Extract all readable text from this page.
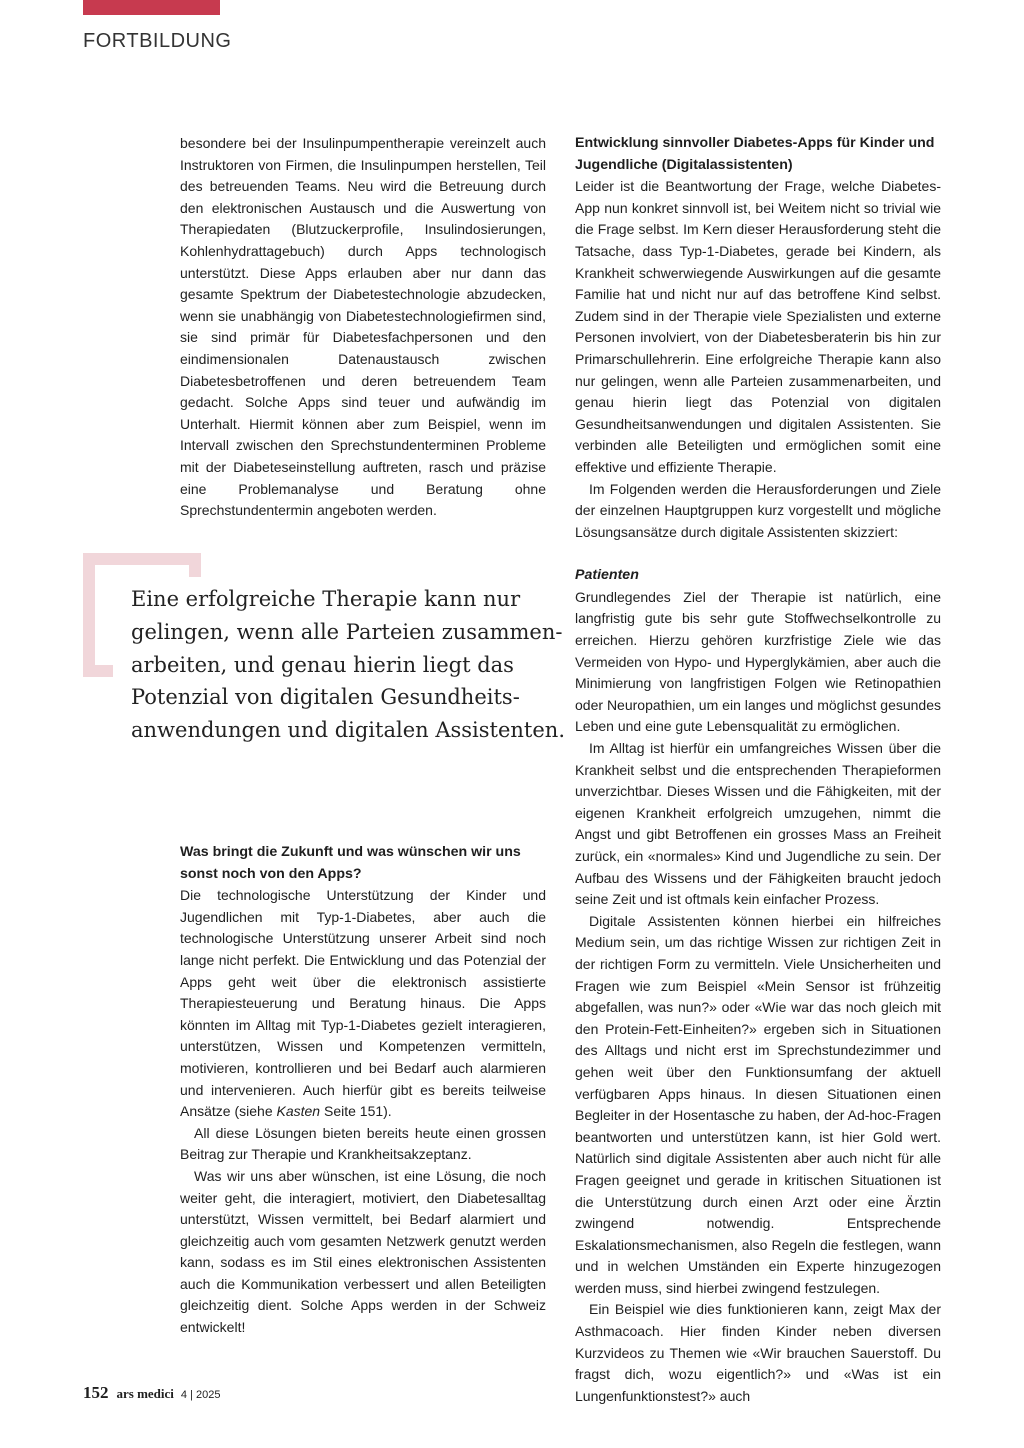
FORTBILDUNG

besondere bei der Insulinpumpentherapie vereinzelt auch Instruktoren von Firmen, die Insulinpumpen herstellen, Teil des betreuenden Teams. Neu wird die Betreuung durch den elektronischen Austausch und die Auswertung von Therapiedaten (Blutzuckerprofile, Insulindosierungen, Kohlenhydrattagebuch) durch Apps technologisch unterstützt. Diese Apps erlauben aber nur dann das gesamte Spektrum der Diabetestechnologie abzudecken, wenn sie unabhängig von Diabetestechnologiefirmen sind, sie sind primär für Diabetesfachpersonen und den eindimensionalen Datenaustausch zwischen Diabetesbetroffenen und deren betreuendem Team gedacht. Solche Apps sind teuer und aufwändig im Unterhalt. Hiermit können aber zum Beispiel, wenn im Intervall zwischen den Sprechstundenterminen Probleme mit der Diabeteseinstellung auftreten, rasch und präzise eine Problemanalyse und Beratung ohne Sprechstundentermin angeboten werden.

Eine erfolgreiche Therapie kann nur
gelingen, wenn alle Parteien zusammen-
arbeiten, und genau hierin liegt das
Potenzial von digitalen Gesundheits-
anwendungen und digitalen Assistenten.
Was bringt die Zukunft und was wünschen wir uns sonst noch von den Apps?

Die technologische Unterstützung der Kinder und Jugendlichen mit Typ-1-Diabetes, aber auch die technologische Unterstützung unserer Arbeit sind noch lange nicht perfekt. Die Entwicklung und das Potenzial der Apps geht weit über die elektronisch assistierte Therapiesteuerung und Beratung hinaus. Die Apps könnten im Alltag mit Typ-1-Diabetes gezielt interagieren, unterstützen, Wissen und Kompetenzen vermitteln, motivieren, kontrollieren und bei Bedarf auch alarmieren und intervenieren. Auch hierfür gibt es bereits teilweise Ansätze (siehe Kasten Seite 151).

All diese Lösungen bieten bereits heute einen grossen Beitrag zur Therapie und Krankheitsakzeptanz.

Was wir uns aber wünschen, ist eine Lösung, die noch weiter geht, die interagiert, motiviert, den Diabetesalltag unterstützt, Wissen vermittelt, bei Bedarf alarmiert und gleichzeitig auch vom gesamten Netzwerk genutzt werden kann, sodass es im Stil eines elektronischen Assistenten auch die Kommunikation verbessert und allen Beteiligten gleichzeitig dient. Solche Apps werden in der Schweiz entwickelt!

Entwicklung sinnvoller Diabetes-Apps für Kinder und Jugendliche (Digitalassistenten)

Leider ist die Beantwortung der Frage, welche Diabetes-App nun konkret sinnvoll ist, bei Weitem nicht so trivial wie die Frage selbst. Im Kern dieser Herausforderung steht die Tatsache, dass Typ-1-Diabetes, gerade bei Kindern, als Krankheit schwerwiegende Auswirkungen auf die gesamte Familie hat und nicht nur auf das betroffene Kind selbst. Zudem sind in der Therapie viele Spezialisten und externe Personen involviert, von der Diabetesberaterin bis hin zur Primarschullehrerin. Eine erfolgreiche Therapie kann also nur gelingen, wenn alle Parteien zusammenarbeiten, und genau hierin liegt das Potenzial von digitalen Gesundheitsanwendungen und digitalen Assistenten. Sie verbinden alle Beteiligten und ermöglichen somit eine effektive und effiziente Therapie.

Im Folgenden werden die Herausforderungen und Ziele der einzelnen Hauptgruppen kurz vorgestellt und mögliche Lösungsansätze durch digitale Assistenten skizziert:

Patienten

Grundlegendes Ziel der Therapie ist natürlich, eine langfristig gute bis sehr gute Stoffwechselkontrolle zu erreichen. Hierzu gehören kurzfristige Ziele wie das Vermeiden von Hypo- und Hyperglykämien, aber auch die Minimierung von langfristigen Folgen wie Retinopathien oder Neuropathien, um ein langes und möglichst gesundes Leben und eine gute Lebensqualität zu ermöglichen.

Im Alltag ist hierfür ein umfangreiches Wissen über die Krankheit selbst und die entsprechenden Therapieformen unverzichtbar. Dieses Wissen und die Fähigkeiten, mit der eigenen Krankheit erfolgreich umzugehen, nimmt die Angst und gibt Betroffenen ein grosses Mass an Freiheit zurück, ein «normales» Kind und Jugendliche zu sein. Der Aufbau des Wissens und der Fähigkeiten braucht jedoch seine Zeit und ist oftmals kein einfacher Prozess.

Digitale Assistenten können hierbei ein hilfreiches Medium sein, um das richtige Wissen zur richtigen Zeit in der richtigen Form zu vermitteln. Viele Unsicherheiten und Fragen wie zum Beispiel «Mein Sensor ist frühzeitig abgefallen, was nun?» oder «Wie war das noch gleich mit den Protein-Fett-Einheiten?» ergeben sich in Situationen des Alltags und nicht erst im Sprechstundezimmer und gehen weit über den Funktionsumfang der aktuell verfügbaren Apps hinaus. In diesen Situationen einen Begleiter in der Hosentasche zu haben, der Ad-hoc-Fragen beantworten und unterstützen kann, ist hier Gold wert. Natürlich sind digitale Assistenten aber auch nicht für alle Fragen geeignet und gerade in kritischen Situationen ist die Unterstützung durch einen Arzt oder eine Ärztin zwingend notwendig. Entsprechende Eskalationsmechanismen, also Regeln die festlegen, wann und in welchen Umständen ein Experte hinzugezogen werden muss, sind hierbei zwingend festzulegen.

Ein Beispiel wie dies funktionieren kann, zeigt Max der Asthmacoach. Hier finden Kinder neben diversen Kurzvideos zu Themen wie «Wir brauchen Sauerstoff. Du fragst dich, wozu eigentlich?» und «Was ist ein Lungenfunktionstest?» auch

152 ars medici 4 | 2025
